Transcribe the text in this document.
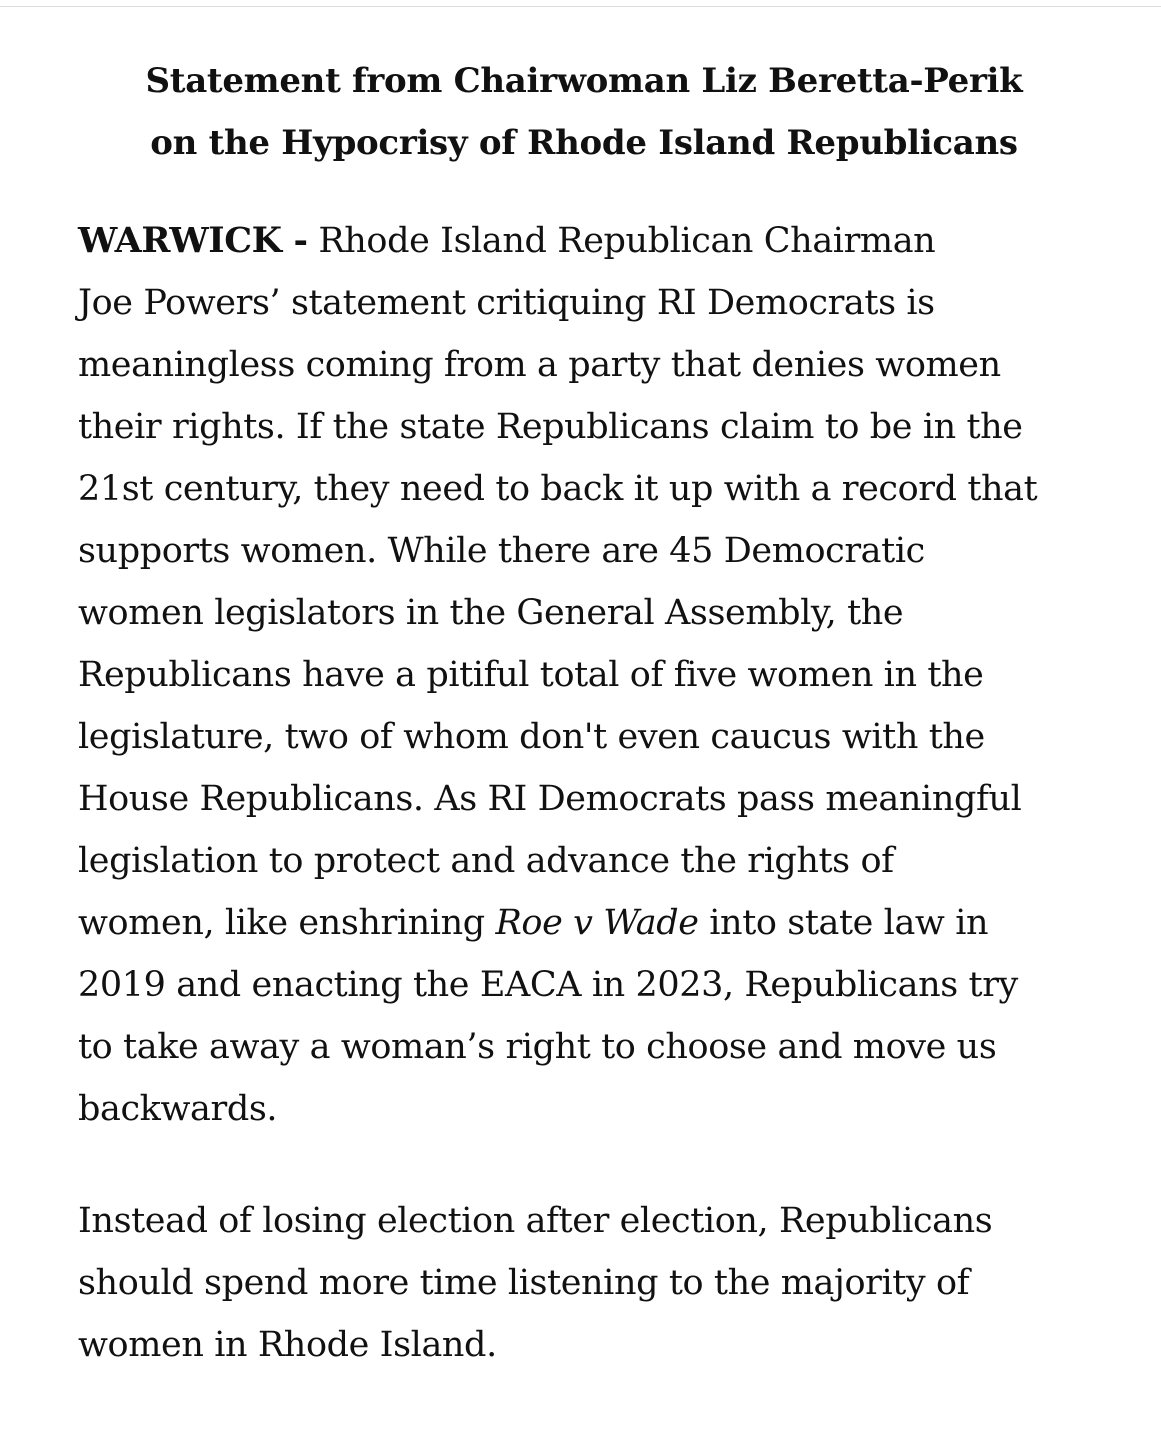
Statement from Chairwoman Liz Beretta-Perik
on the Hypocrisy of Rhode Island Republicans

WARWICK - Rhode Island Republican Chairman
Joe Powers’ statement critiquing RI Democrats is
meaningless coming from a party that denies women
their rights. If the state Republicans claim to be in the
21st century, they need to back it up with a record that
supports women. While there are 45 Democratic
women legislators in the General Assembly, the
Republicans have a pitiful total of five women in the
legislature, two of whom don't even caucus with the
House Republicans. As RI Democrats pass meaningful
legislation to protect and advance the rights of
women, like enshrining Roe v Wade into state law in
2019 and enacting the EACA in 2023, Republicans try
to take away a woman’s right to choose and move us
backwards.

Instead of losing election after election, Republicans
should spend more time listening to the majority of
women in Rhode Island.
